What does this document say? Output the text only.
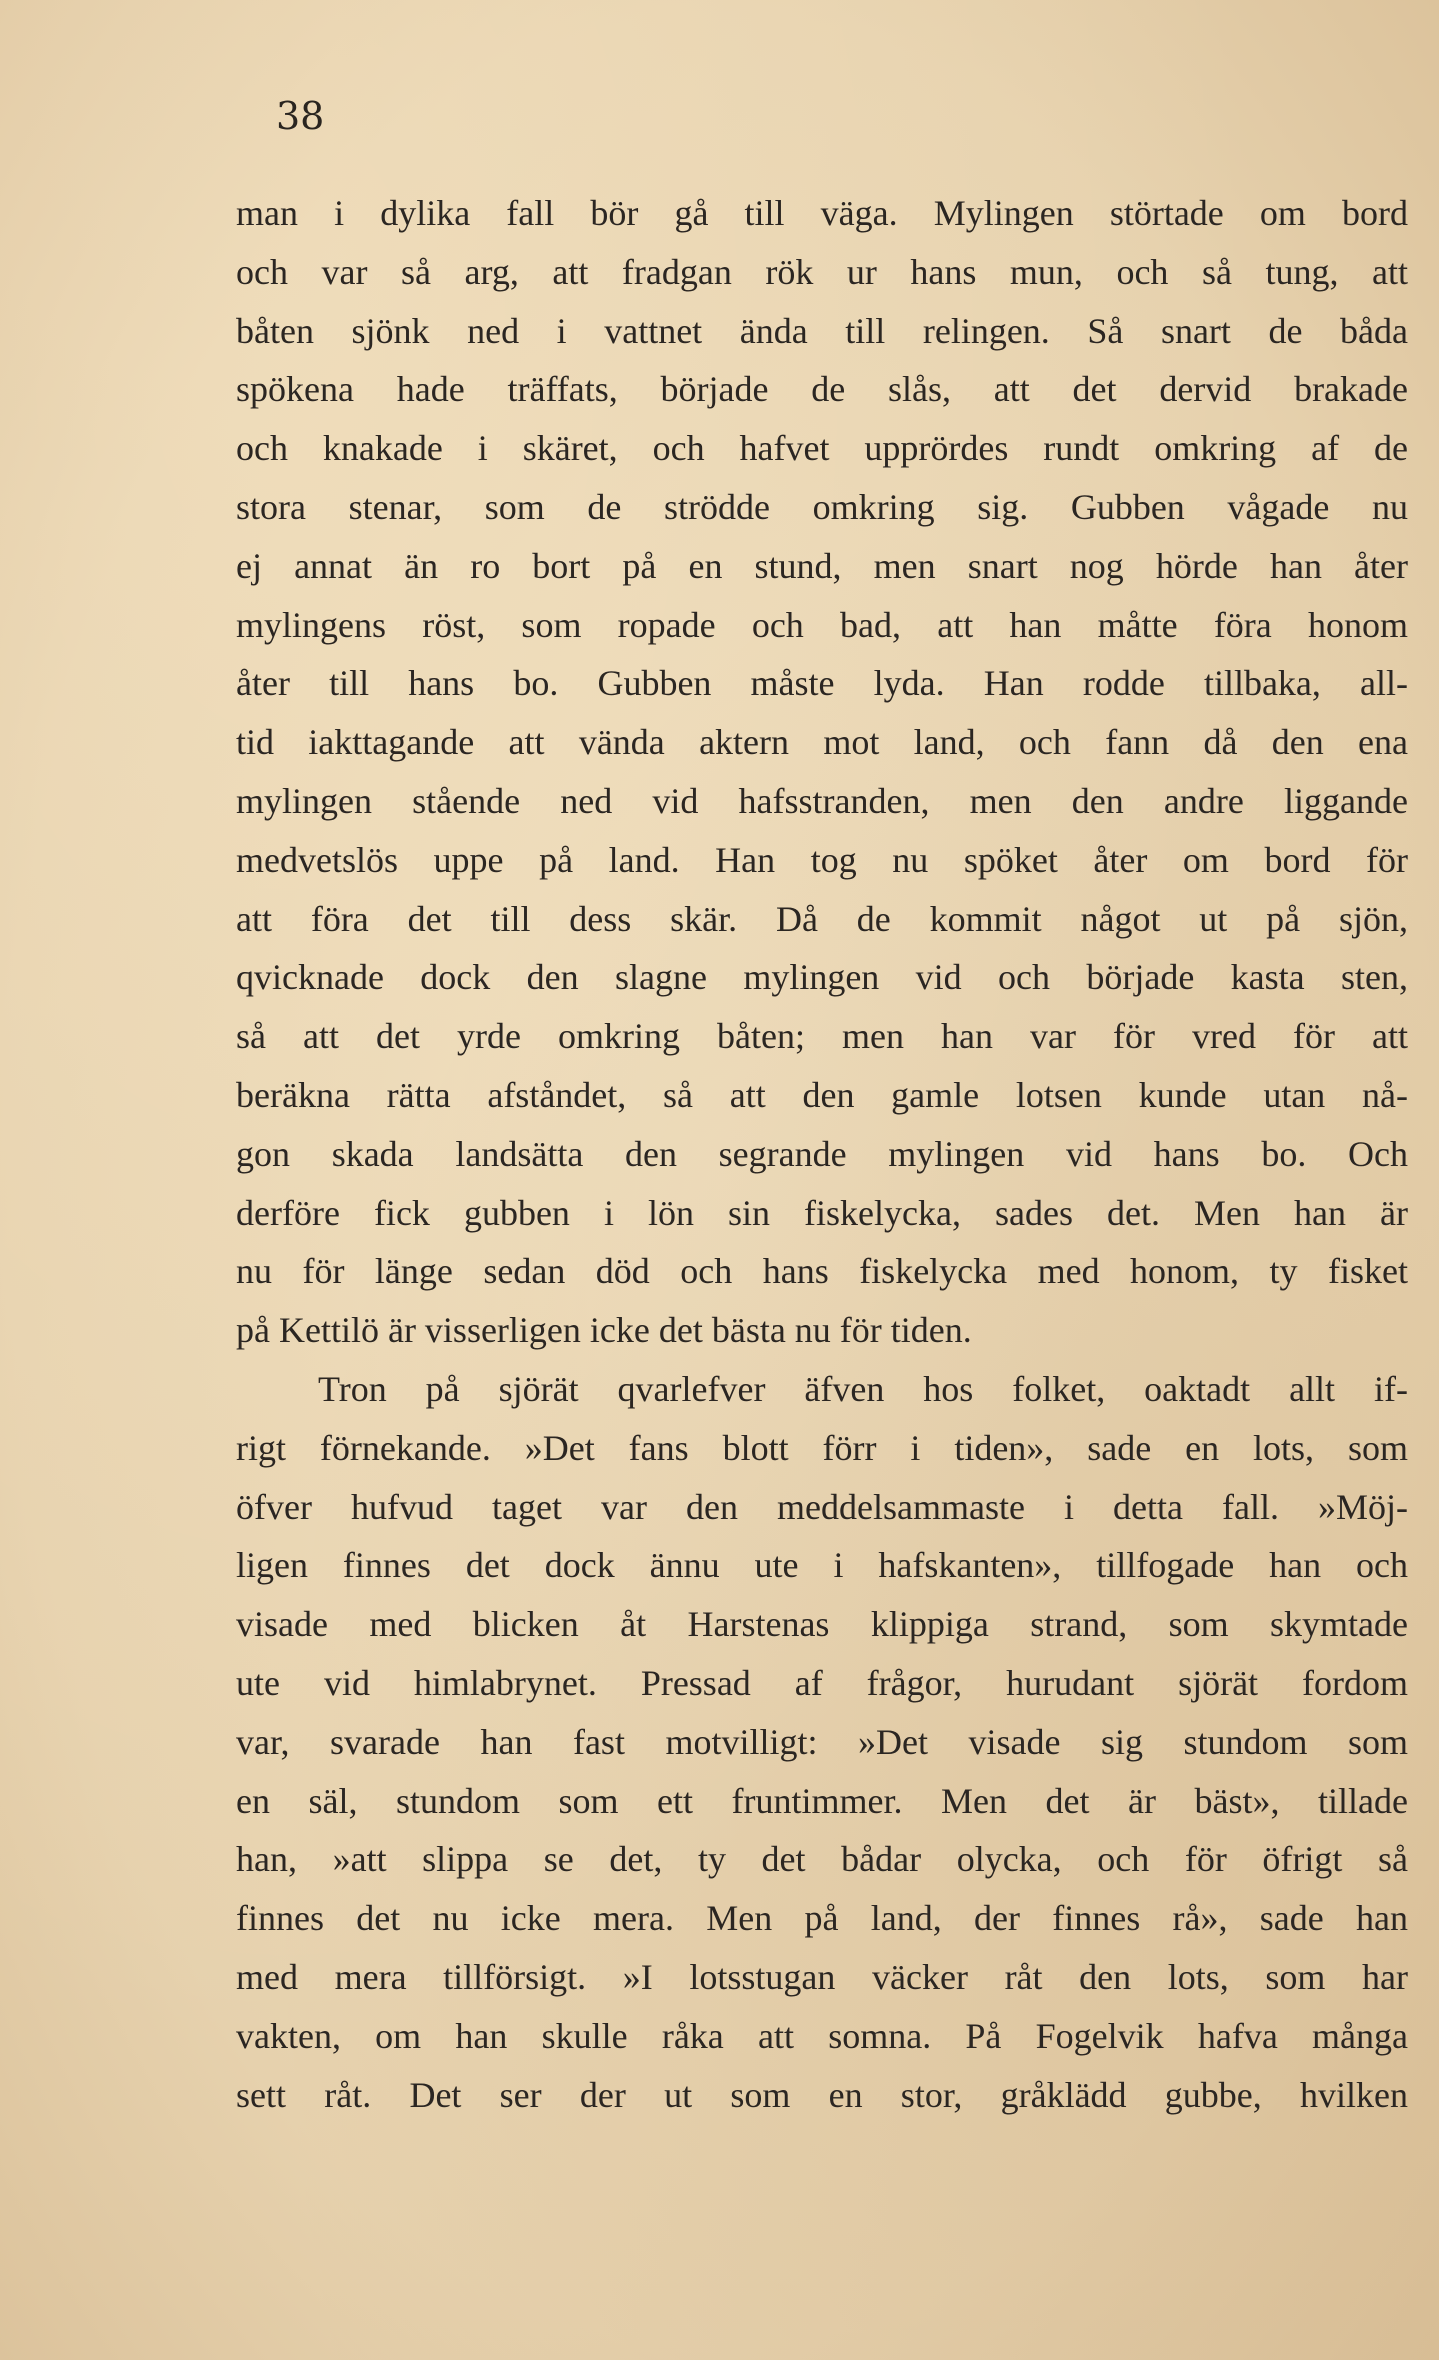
38
man i dylika fall bör gå till väga. Mylingen störtade om bord
och var så arg, att fradgan rök ur hans mun, och så tung, att
båten sjönk ned i vattnet ända till relingen. Så snart de båda
spökena hade träffats, började de slås, att det dervid brakade
och knakade i skäret, och hafvet upprördes rundt omkring af de
stora stenar, som de strödde omkring sig. Gubben vågade nu
ej annat än ro bort på en stund, men snart nog hörde han åter
mylingens röst, som ropade och bad, att han måtte föra honom
åter till hans bo. Gubben måste lyda. Han rodde tillbaka, all-
tid iakttagande att vända aktern mot land, och fann då den ena
mylingen stående ned vid hafsstranden, men den andre liggande
medvetslös uppe på land. Han tog nu spöket åter om bord för
att föra det till dess skär. Då de kommit något ut på sjön,
qvicknade dock den slagne mylingen vid och började kasta sten,
så att det yrde omkring båten; men han var för vred för att
beräkna rätta afståndet, så att den gamle lotsen kunde utan nå-
gon skada landsätta den segrande mylingen vid hans bo. Och
derföre fick gubben i lön sin fiskelycka, sades det. Men han är
nu för länge sedan död och hans fiskelycka med honom, ty fisket
på Kettilö är visserligen icke det bästa nu för tiden.
Tron på sjörät qvarlefver äfven hos folket, oaktadt allt if-
rigt förnekande. »Det fans blott förr i tiden», sade en lots, som
öfver hufvud taget var den meddelsammaste i detta fall. »Möj-
ligen finnes det dock ännu ute i hafskanten», tillfogade han och
visade med blicken åt Harstenas klippiga strand, som skymtade
ute vid himlabrynet. Pressad af frågor, hurudant sjörät fordom
var, svarade han fast motvilligt: »Det visade sig stundom som
en säl, stundom som ett fruntimmer. Men det är bäst», tillade
han, »att slippa se det, ty det bådar olycka, och för öfrigt så
finnes det nu icke mera. Men på land, der finnes rå», sade han
med mera tillförsigt. »I lotsstugan väcker råt den lots, som har
vakten, om han skulle råka att somna. På Fogelvik hafva många
sett råt. Det ser der ut som en stor, gråklädd gubbe, hvilken
